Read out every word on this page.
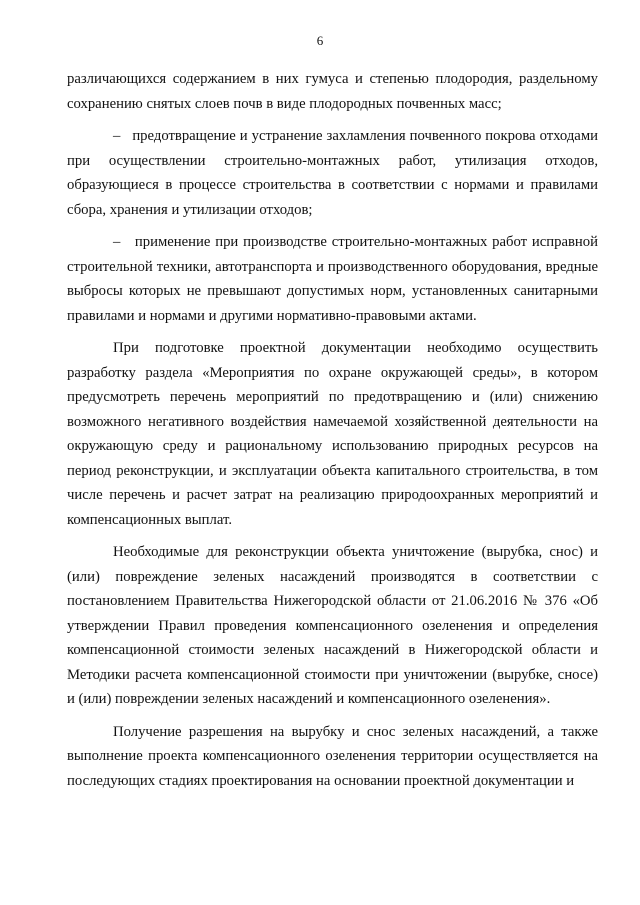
6

различающихся содержанием в них гумуса и степенью плодородия, раздельному сохранению снятых слоев почв в виде плодородных почвенных масс;

–   предотвращение и устранение захламления почвенного покрова отходами при осуществлении строительно-монтажных работ, утилизация отходов, образующиеся в процессе строительства в соответствии с нормами и правилами сбора, хранения и утилизации отходов;

–   применение при производстве строительно-монтажных работ исправной строительной техники, автотранспорта и производственного оборудования, вредные выбросы которых не превышают допустимых норм, установленных санитарными правилами и нормами и другими нормативно-правовыми актами.

При подготовке проектной документации необходимо осуществить разработку раздела «Мероприятия по охране окружающей среды», в котором предусмотреть перечень мероприятий по предотвращению и (или) снижению возможного негативного воздействия намечаемой хозяйственной деятельности на окружающую среду и рациональному использованию природных ресурсов на период реконструкции, и эксплуатации объекта капитального строительства, в том числе перечень и расчет затрат на реализацию природоохранных мероприятий и компенсационных выплат.

Необходимые для реконструкции объекта уничтожение (вырубка, снос) и (или) повреждение зеленых насаждений производятся в соответствии с постановлением Правительства Нижегородской области от 21.06.2016 № 376 «Об утверждении Правил проведения компенсационного озеленения и определения компенсационной стоимости зеленых насаждений в Нижегородской области и Методики расчета компенсационной стоимости при уничтожении (вырубке, сносе) и (или) повреждении зеленых насаждений и компенсационного озеленения».

Получение разрешения на вырубку и снос зеленых насаждений, а также выполнение проекта компенсационного озеленения территории осуществляется на последующих стадиях проектирования на основании проектной документации и
